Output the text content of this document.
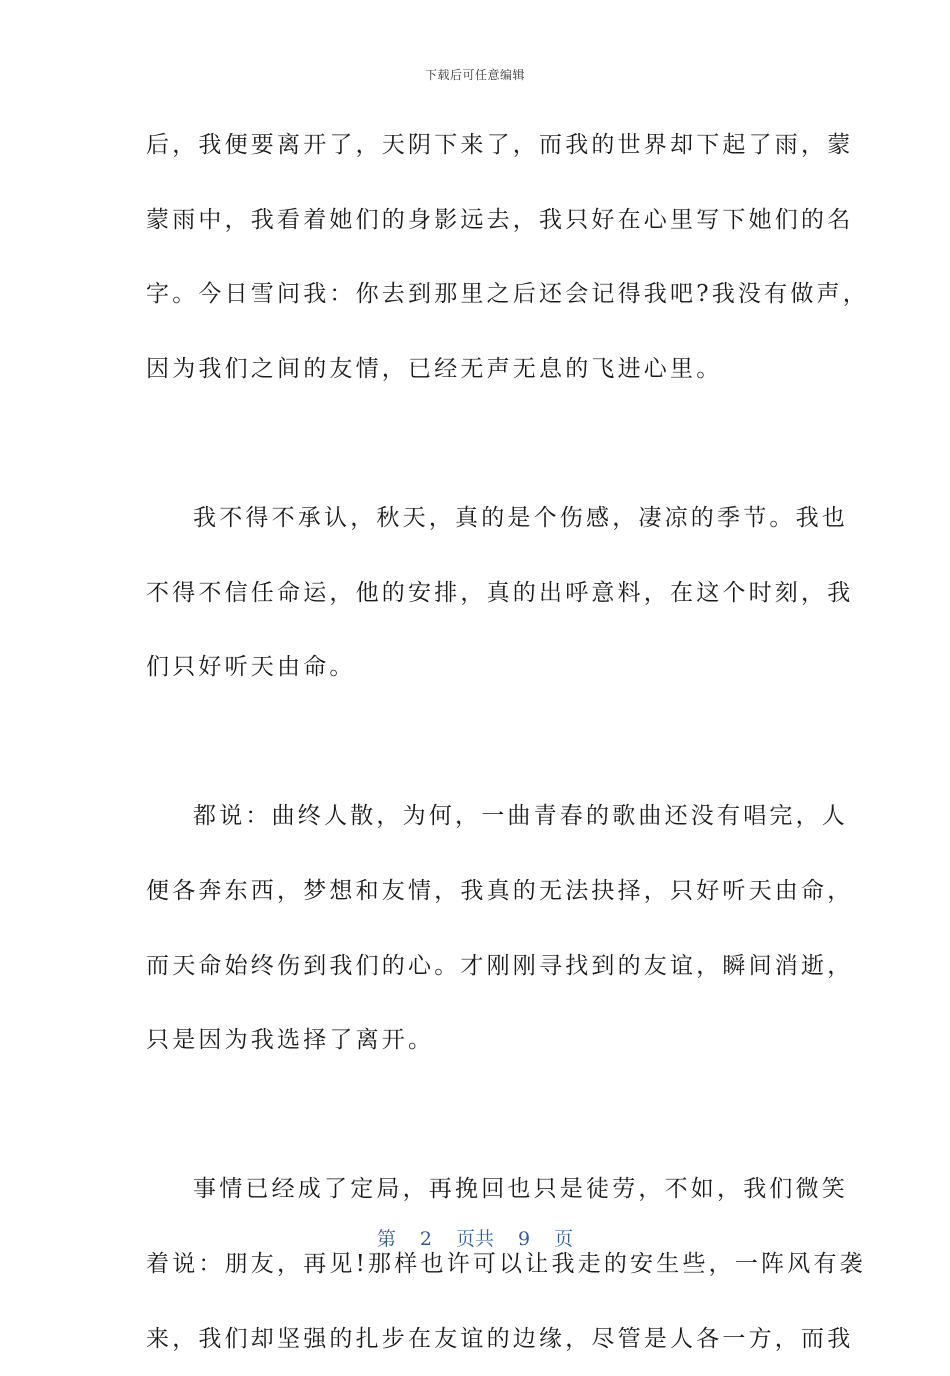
下载后可任意编辑
后，我便要离开了，天阴下来了，而我的世界却下起了雨，蒙
蒙雨中，我看着她们的身影远去，我只好在心里写下她们的名
字。今日雪问我：你去到那里之后还会记得我吧?我没有做声，
因为我们之间的友情，已经无声无息的飞进心里。
我不得不承认，秋天，真的是个伤感，凄凉的季节。我也
不得不信任命运，他的安排，真的出呼意料，在这个时刻，我
们只好听天由命。
都说：曲终人散，为何，一曲青春的歌曲还没有唱完，人
便各奔东西，梦想和友情，我真的无法抉择，只好听天由命，
而天命始终伤到我们的心。才刚刚寻找到的友谊，瞬间消逝，
只是因为我选择了离开。
事情已经成了定局，再挽回也只是徒劳，不如，我们微笑
着说：朋友，再见!那样也许可以让我走的安生些，一阵风有袭
来，我们却坚强的扎步在友谊的边缘，尽管是人各一方，而我
第 2 页共 9 页
